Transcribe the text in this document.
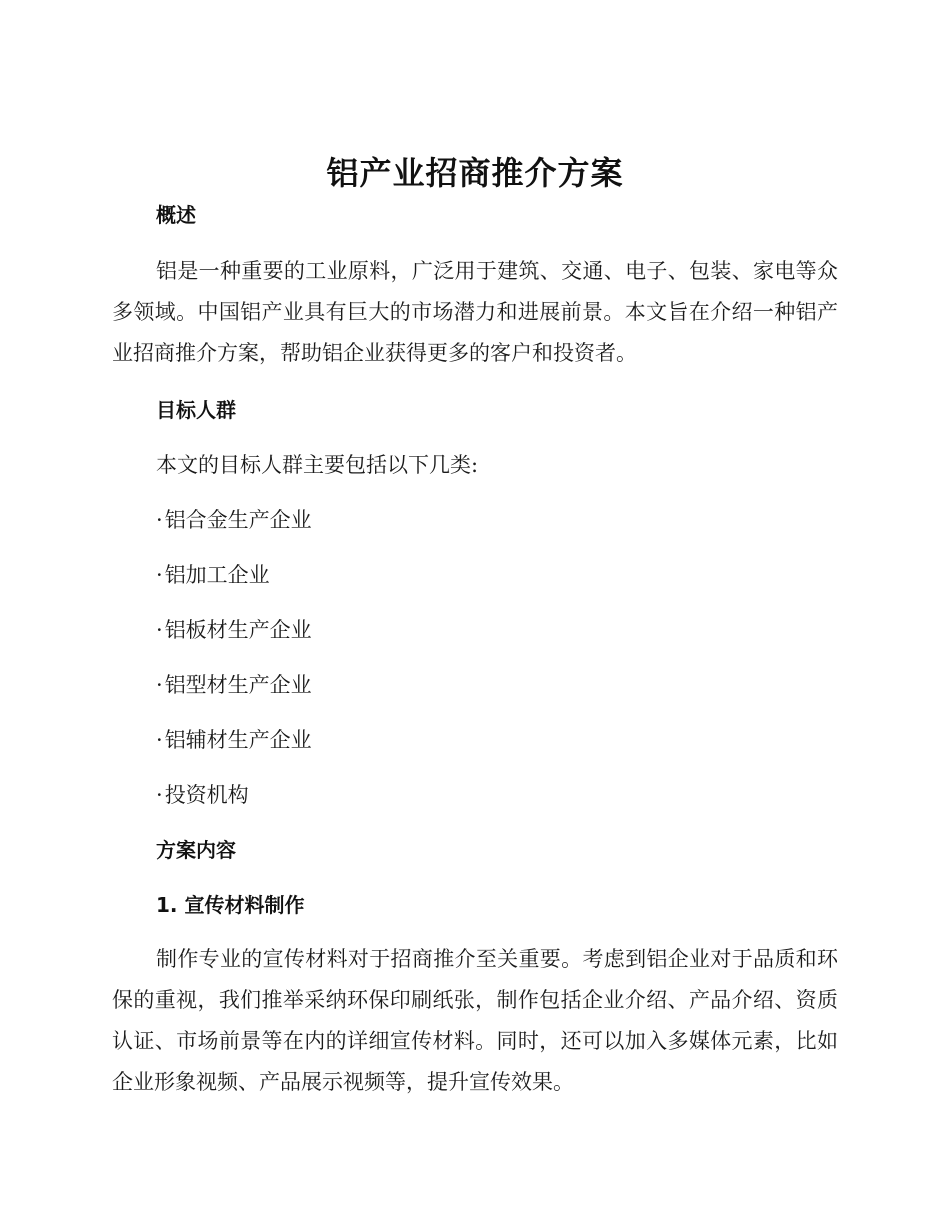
铝产业招商推介方案
概述

铝是一种重要的工业原料，广泛用于建筑、交通、电子、包装、家电等众多领域。中国铝产业具有巨大的市场潜力和进展前景。本文旨在介绍一种铝产业招商推介方案，帮助铝企业获得更多的客户和投资者。

目标人群

本文的目标人群主要包括以下几类:

·铝合金生产企业
·铝加工企业
·铝板材生产企业
·铝型材生产企业
·铝辅材生产企业
·投资机构
方案内容
1. 宣传材料制作

制作专业的宣传材料对于招商推介至关重要。考虑到铝企业对于品质和环保的重视，我们推举采纳环保印刷纸张，制作包括企业介绍、产品介绍、资质认证、市场前景等在内的详细宣传材料。同时，还可以加入多媒体元素，比如企业形象视频、产品展示视频等，提升宣传效果。
